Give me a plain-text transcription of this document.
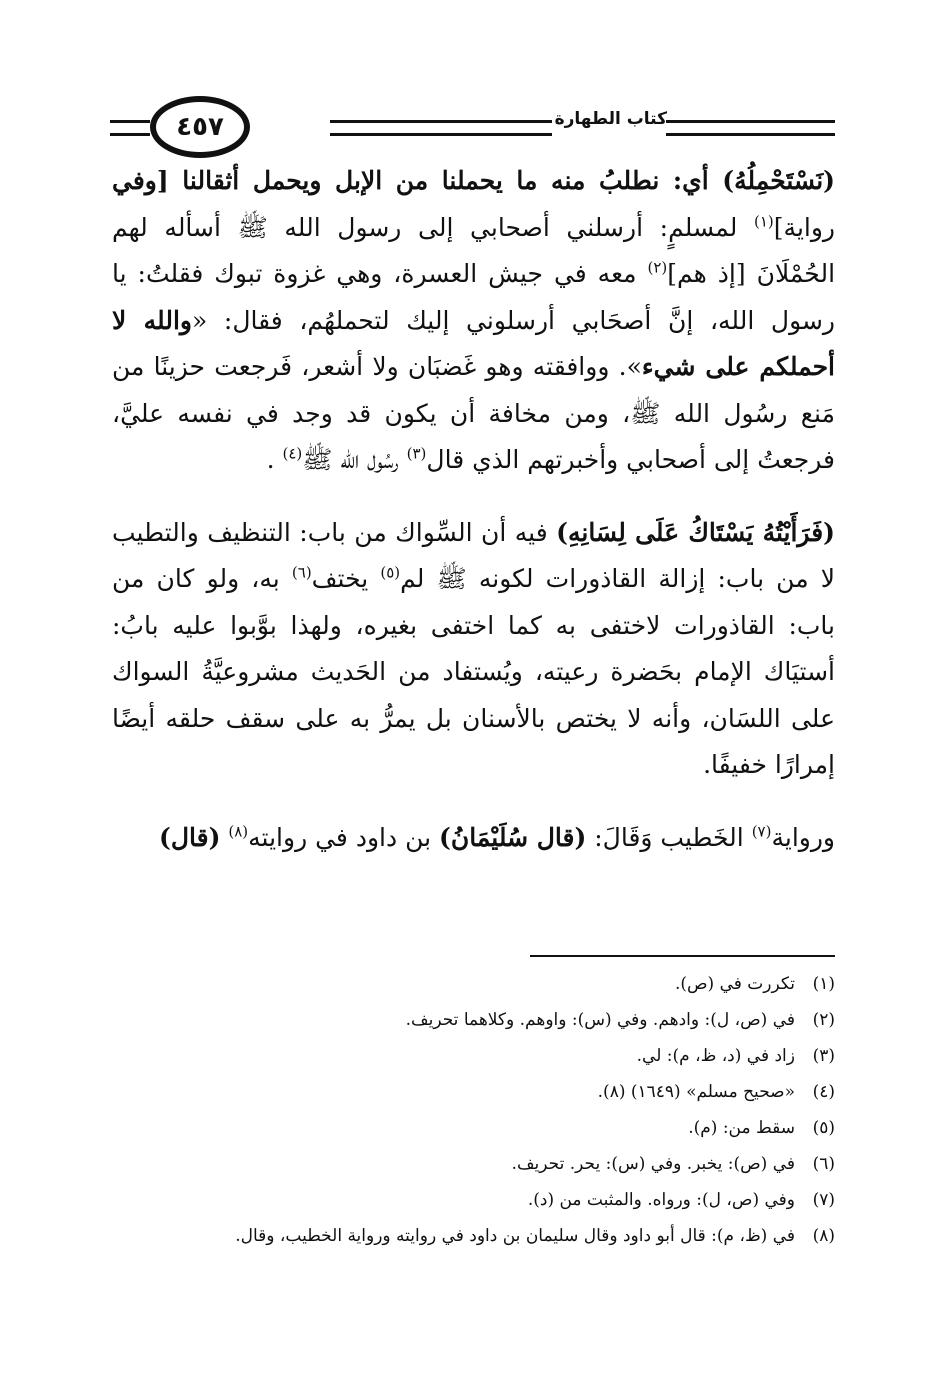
٤٥٧	كتاب الطهارة

(نَسْتَحْمِلُهُ) أي: نطلبُ منه ما يحملنا من الإبل ويحمل أثقالنا [وفي رواية]$^{(١)}$ لمسلمٍ: أرسلني أصحابي إلى رسول الله ﷺ أسأله لهم الحُمْلَانَ [إذ هم]$^{(٢)}$ معه في جيش العسرة، وهي غزوة تبوك فقلتُ: يا رسول الله، إنَّ أصحَابي أرسلوني إليك لتحملهُم، فقال: «والله لا أحملكم على شيء». ووافقته وهو غَضبَان ولا أشعر، فَرجعت حزينًا من مَنع رسُول الله ﷺ، ومن مخافة أن يكون قد وجد في نفسه عليَّ، فرجعتُ إلى أصحابي وأخبرتهم الذي قال$^{(٣)}$ رسُول الله ﷺ$^{(٤)}$ .

(فَرَأَيْتُهُ يَسْتَاكُ عَلَى لِسَانِهِ) فيه أن السِّواك من باب: التنظيف والتطيب لا من باب: إزالة القاذورات لكونه ﷺ لم$^{(٥)}$ يختف$^{(٦)}$ به، ولو كان من باب: القاذورات لاختفى به كما اختفى بغيره، ولهذا بوَّبوا عليه بابُ: أستيَاك الإمام بحَضرة رعيته، ويُستفاد من الحَديث مشروعيَّةُ السواك على اللسَان، وأنه لا يختص بالأسنان بل يمرُّ به على سقف حلقه أيضًا إمرارًا خفيفًا.

ورواية$^{(٧)}$ الخَطيب وَقَالَ: (قال سُلَيْمَانُ) بن داود في روايته$^{(٨)}$ (قال)

(١)تكررت في (ص).

(٢)في (ص، ل): وادهم. وفي (س): واوهم. وكلاهما تحريف.

(٣)زاد في (د، ظ، م): لي.

(٤)«صحيح مسلم» (١٦٤٩) (٨).

(٥)سقط من: (م).

(٦)في (ص): يخبر. وفي (س): يحر. تحريف.

(٧)وفي (ص، ل): ورواه. والمثبت من (د).

(٨)في (ظ، م): قال أبو داود وقال سليمان بن داود في روايته ورواية الخطيب، وقال.
